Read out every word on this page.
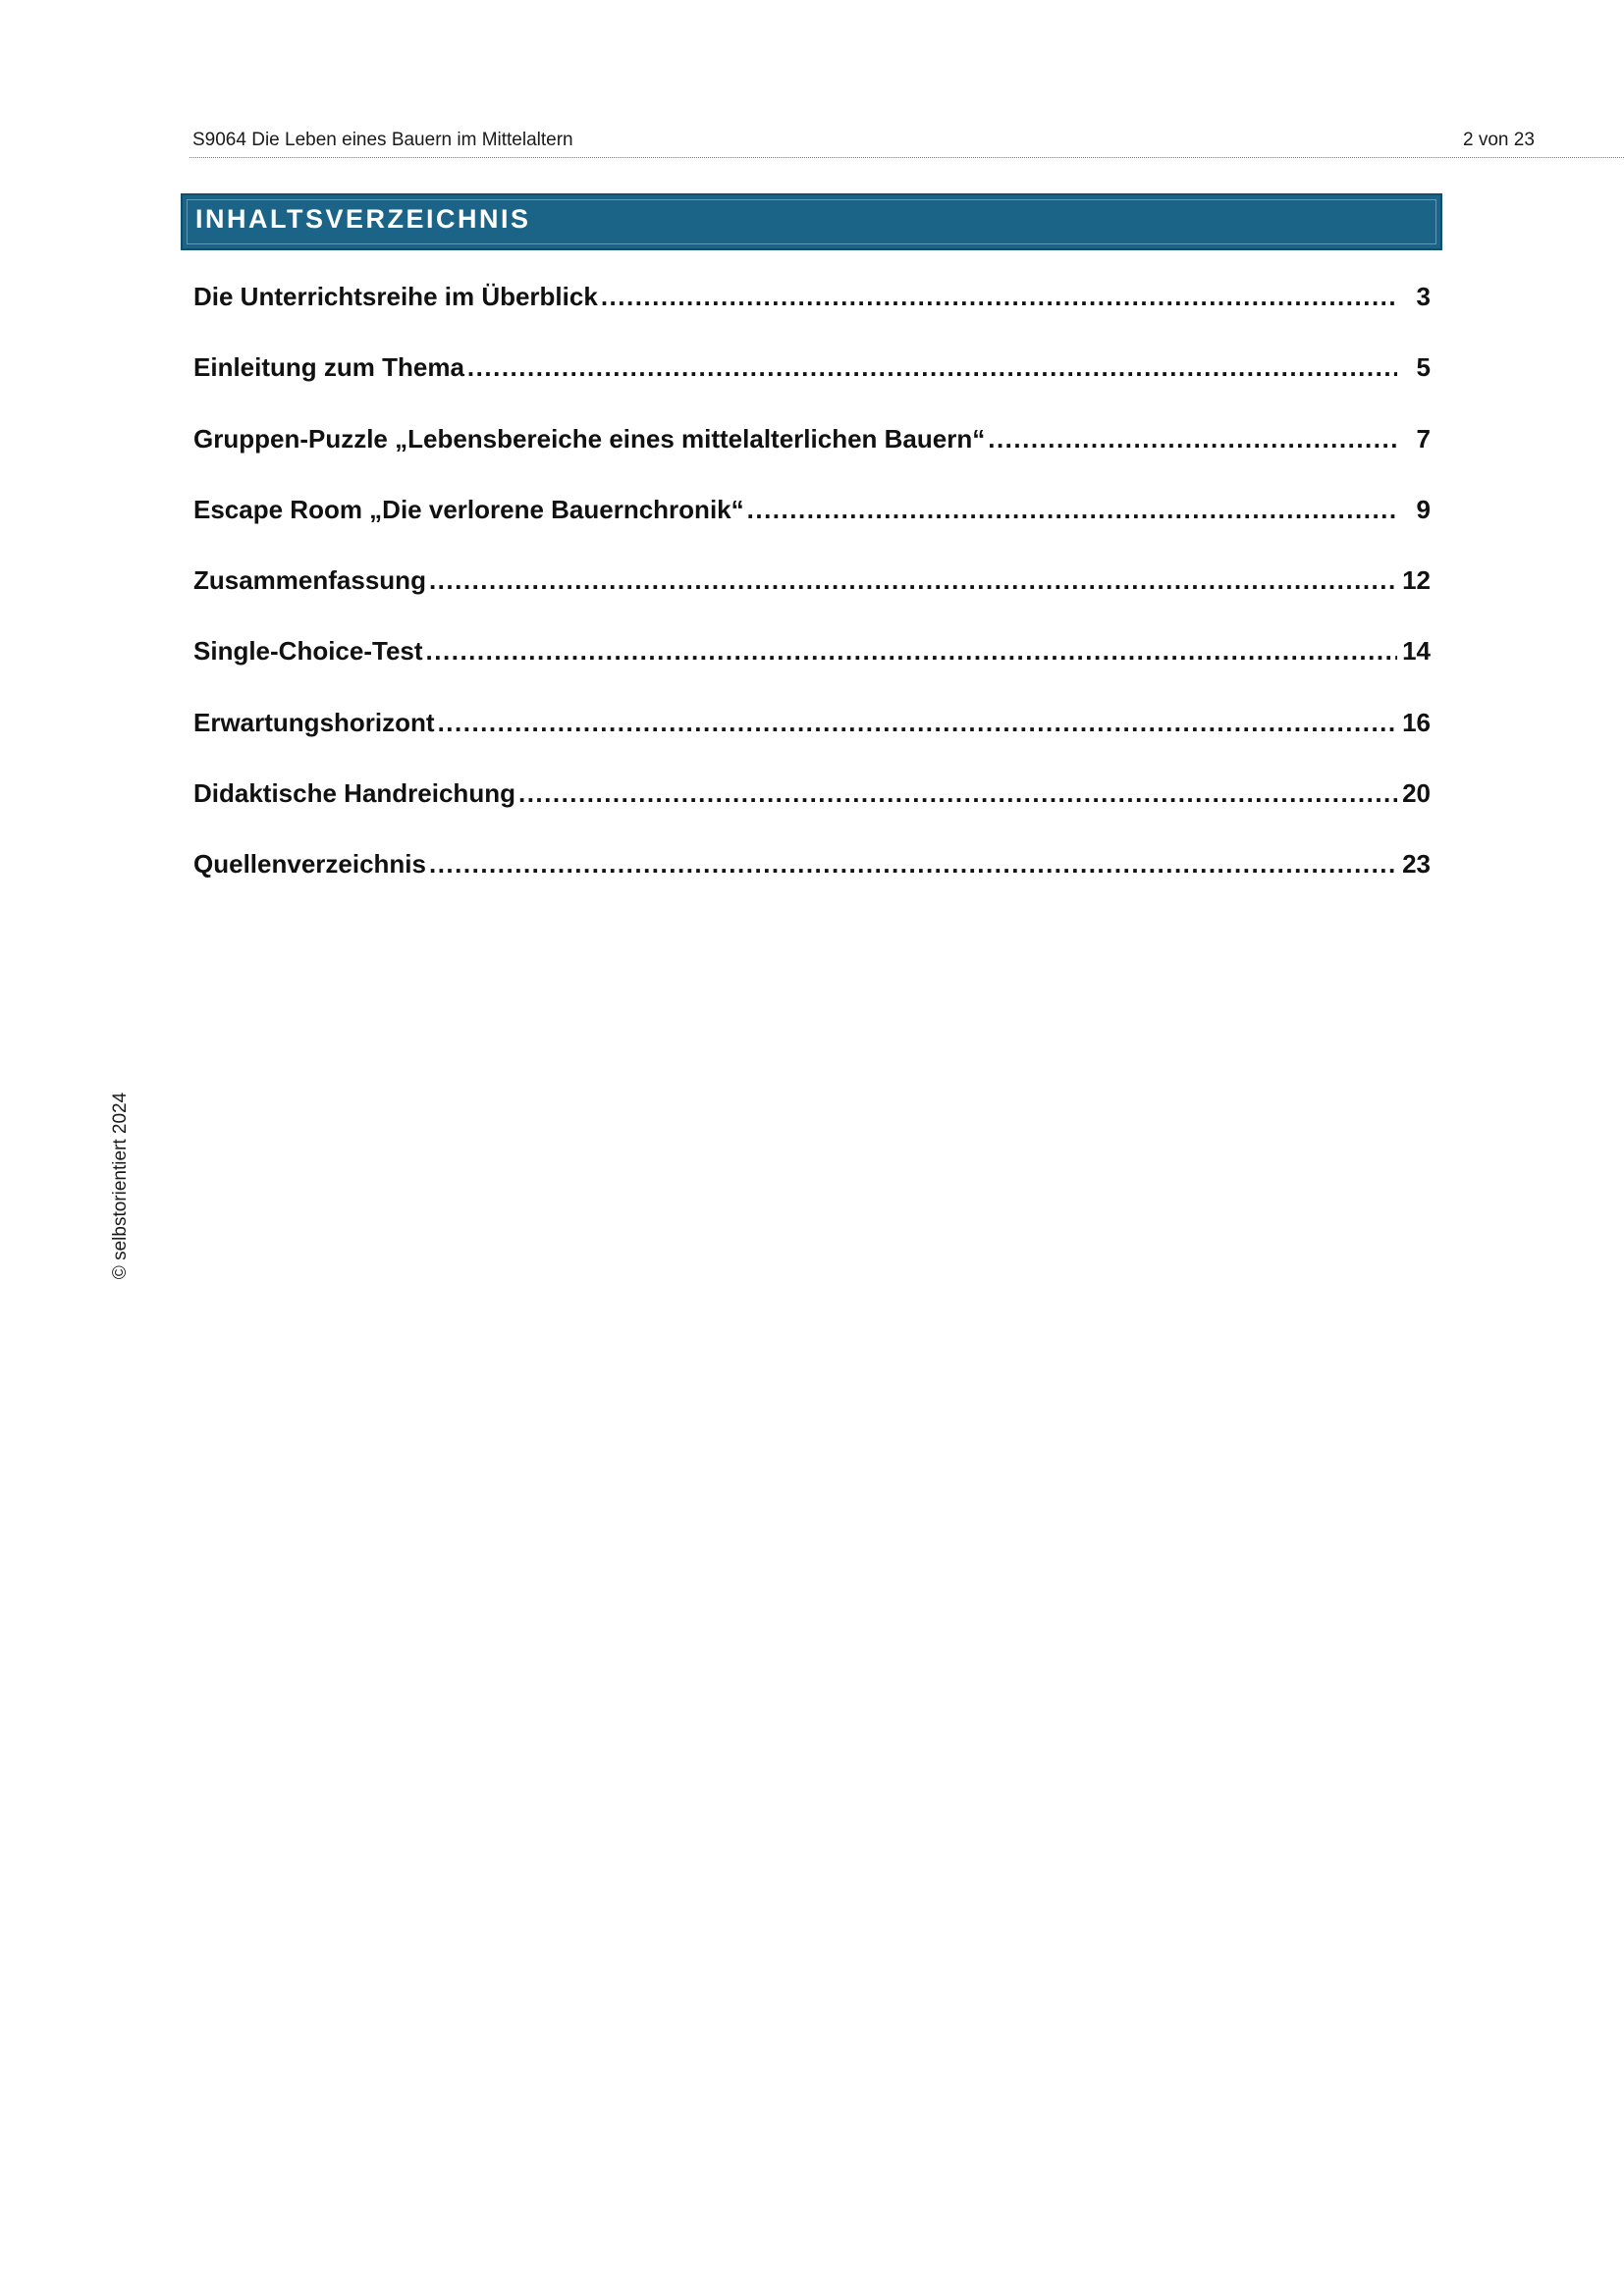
S9064 Die Leben eines Bauern im Mittelaltern	2 von 23
INHALTSVERZEICHNIS
Die Unterrichtsreihe im Überblick .....	3
Einleitung zum Thema .....	5
Gruppen-Puzzle „Lebensbereiche eines mittelalterlichen Bauern“ .....	7
Escape Room „Die verlorene Bauernchronik“ .....	9
Zusammenfassung .....	12
Single-Choice-Test .....	14
Erwartungshorizont .....	16
Didaktische Handreichung .....	20
Quellenverzeichnis .....	23
© selbstorientiert 2024
